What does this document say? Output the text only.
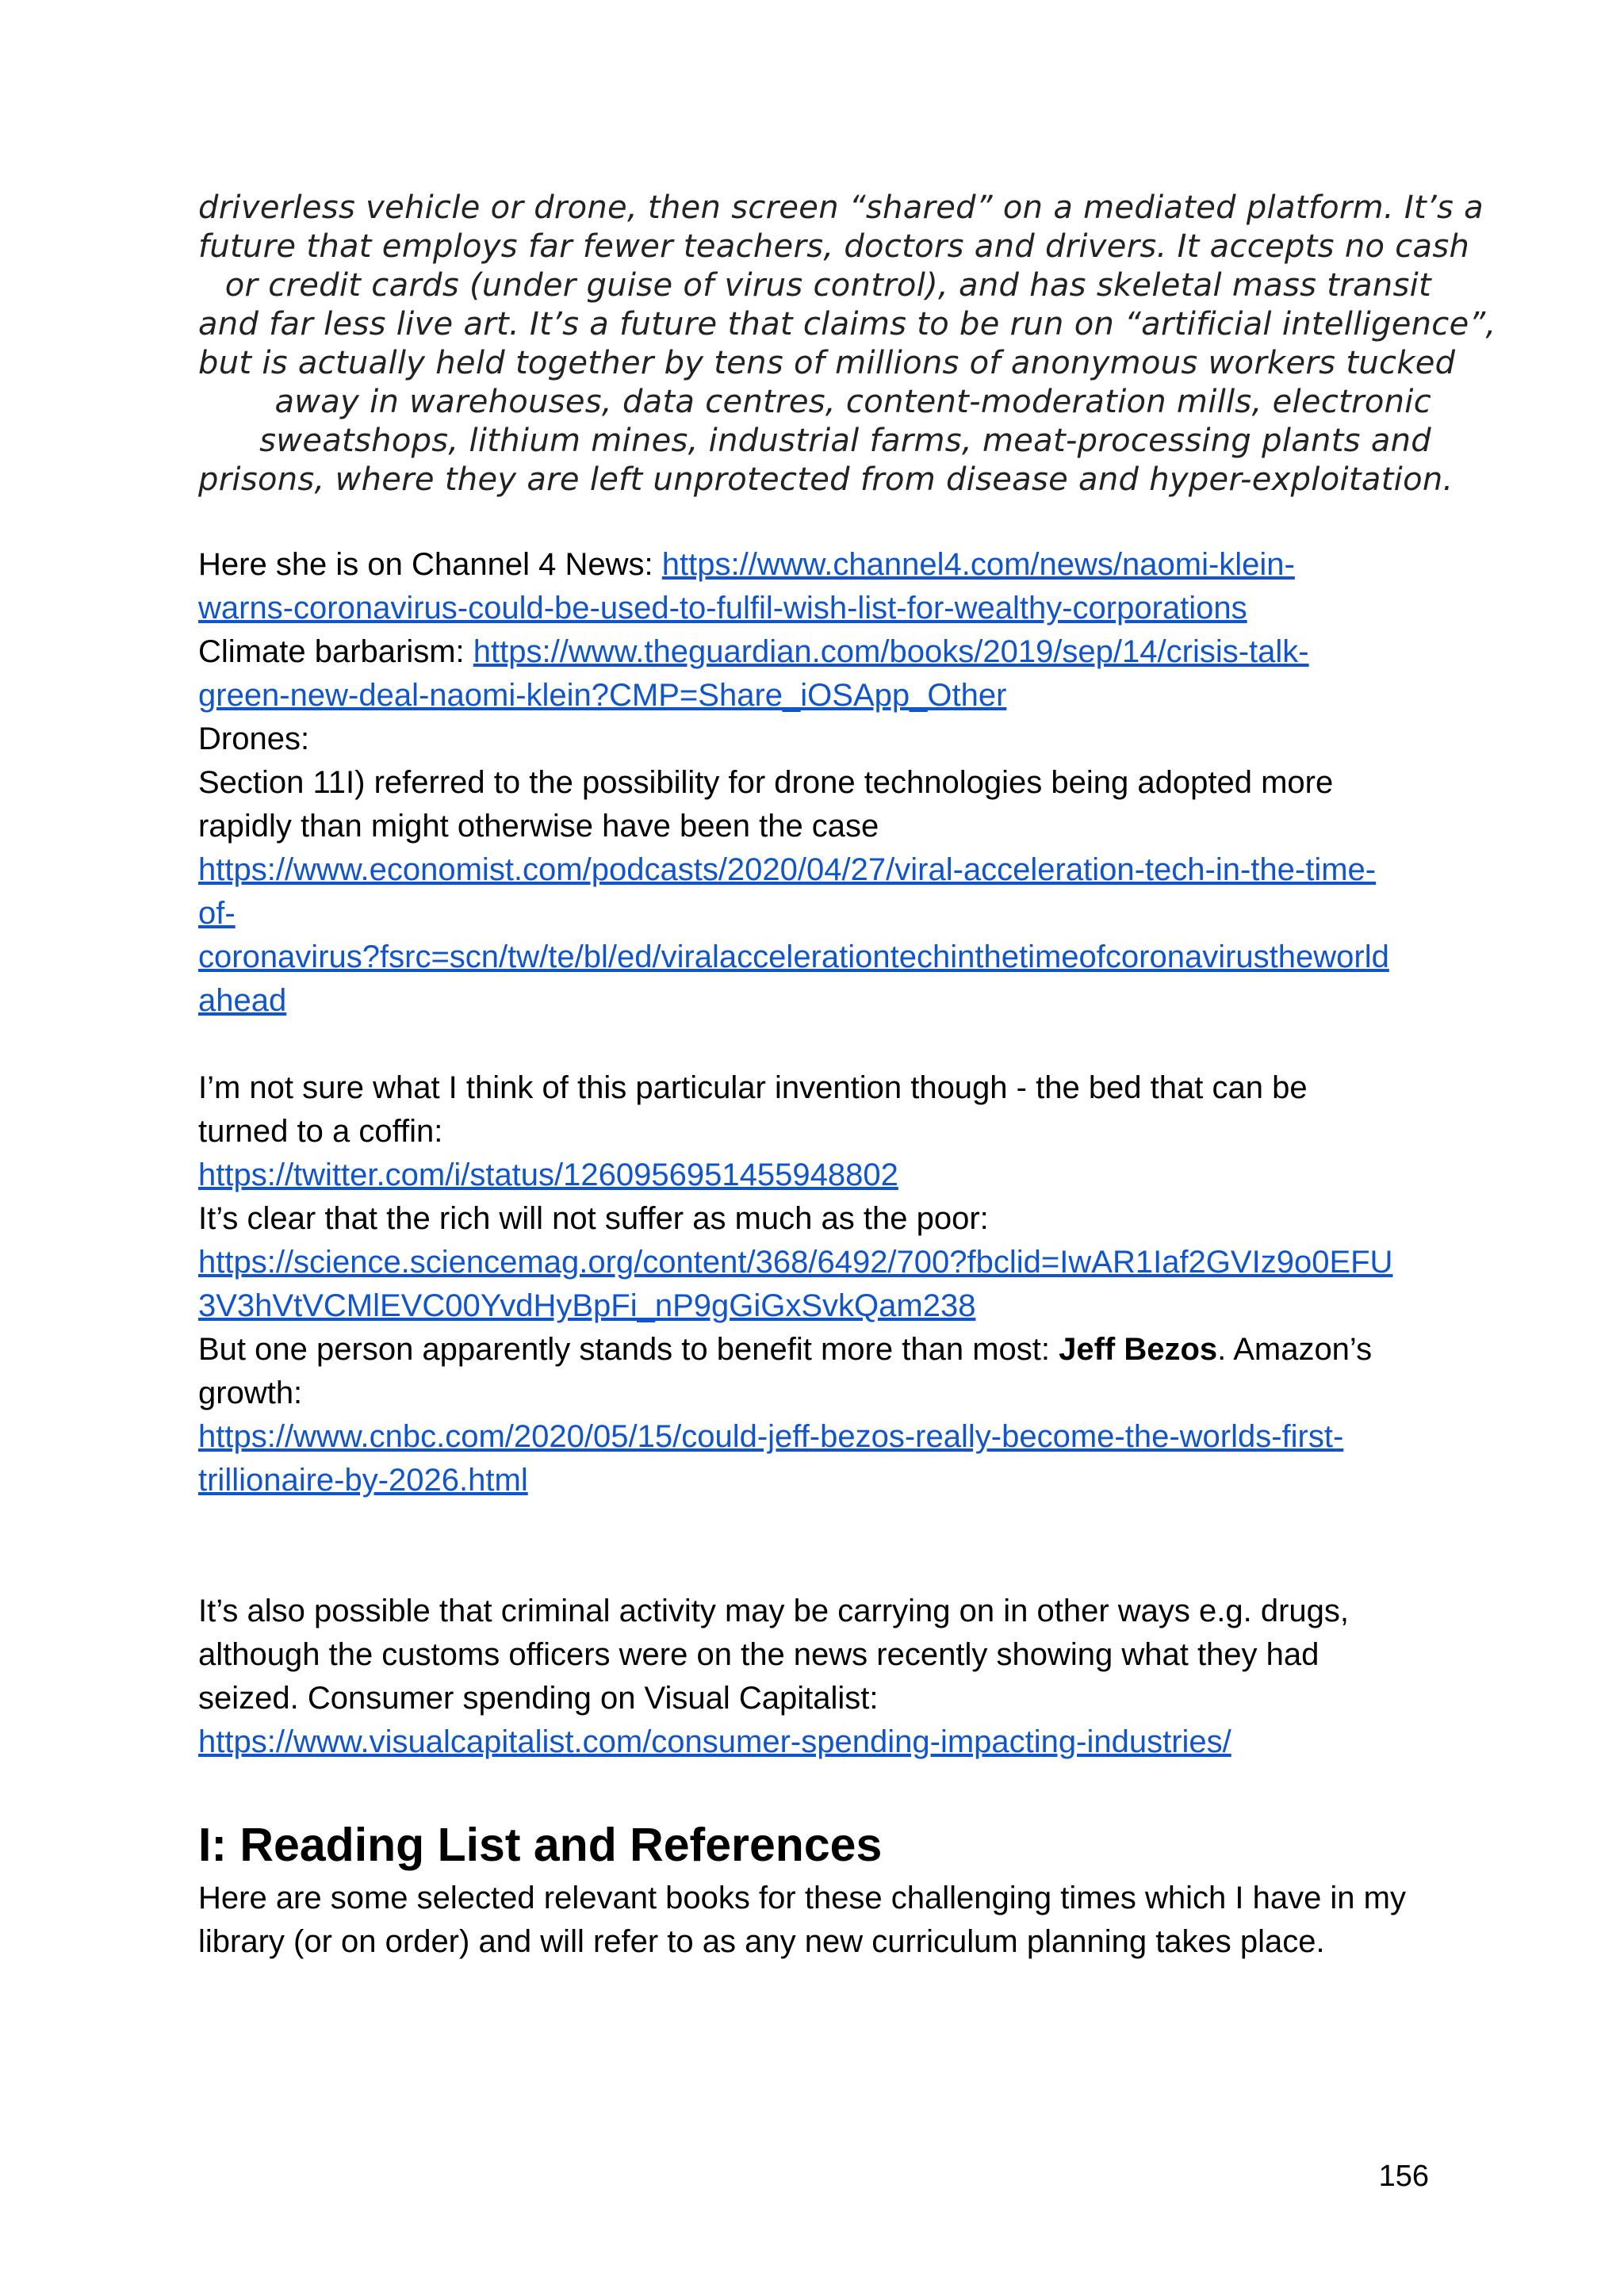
driverless vehicle or drone, then screen “shared” on a mediated platform. It’s a
future that employs far fewer teachers, doctors and drivers. It accepts no cash
or credit cards (under guise of virus control), and has skeletal mass transit
and far less live art. It’s a future that claims to be run on “artificial intelligence”,
but is actually held together by tens of millions of anonymous workers tucked
away in warehouses, data centres, content-moderation mills, electronic
sweatshops, lithium mines, industrial farms, meat-processing plants and
prisons, where they are left unprotected from disease and hyper-exploitation.
Here she is on Channel 4 News: https://www.channel4.com/news/naomi-klein-
warns-coronavirus-could-be-used-to-fulfil-wish-list-for-wealthy-corporations
Climate barbarism: https://www.theguardian.com/books/2019/sep/14/crisis-talk-
green-new-deal-naomi-klein?CMP=Share_iOSApp_Other
Drones:
Section 11I) referred to the possibility for drone technologies being adopted more
rapidly than might otherwise have been the case
https://www.economist.com/podcasts/2020/04/27/viral-acceleration-tech-in-the-time-
of-
coronavirus?fsrc=scn/tw/te/bl/ed/viralaccelerationtechinthetimeofcoronavirustheworld
ahead
I’m not sure what I think of this particular invention though - the bed that can be
turned to a coffin:
https://twitter.com/i/status/1260956951455948802
It’s clear that the rich will not suffer as much as the poor:
https://science.sciencemag.org/content/368/6492/700?fbclid=IwAR1Iaf2GVIz9o0EFU
3V3hVtVCMlEVC00YvdHyBpFi_nP9gGiGxSvkQam238
But one person apparently stands to benefit more than most: Jeff Bezos. Amazon’s
growth:
https://www.cnbc.com/2020/05/15/could-jeff-bezos-really-become-the-worlds-first-
trillionaire-by-2026.html
It’s also possible that criminal activity may be carrying on in other ways e.g. drugs,
although the customs officers were on the news recently showing what they had
seized. Consumer spending on Visual Capitalist:
https://www.visualcapitalist.com/consumer-spending-impacting-industries/
I: Reading List and References
Here are some selected relevant books for these challenging times which I have in my
library (or on order) and will refer to as any new curriculum planning takes place.
156
